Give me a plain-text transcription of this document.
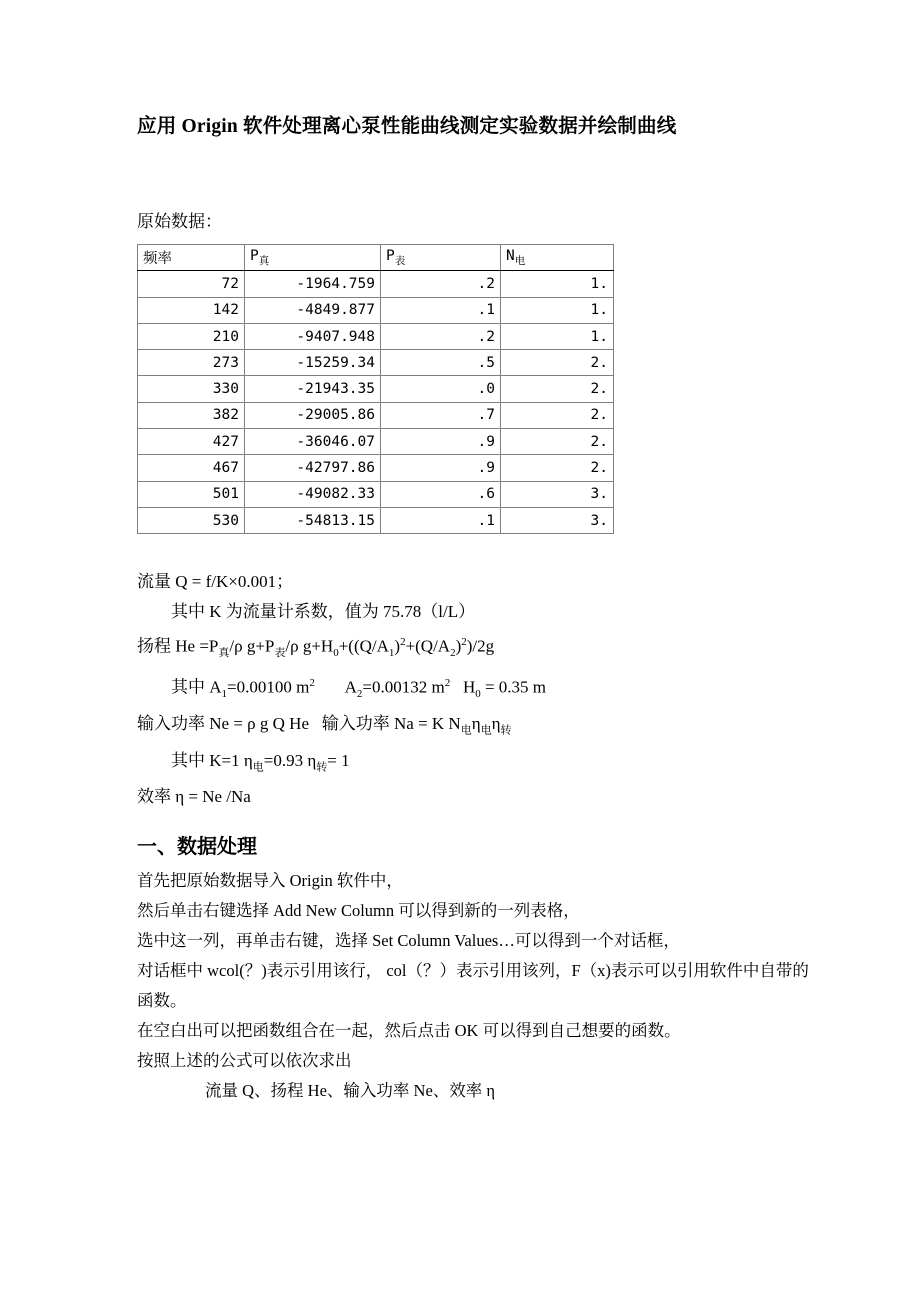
应用 Origin 软件处理离心泵性能曲线测定实验数据并绘制曲线

原始数据：

频率	$P_真$	$P_表$	$N_电$
72	-1964.759	.2	1.
142	-4849.877	.1	1.
210	-9407.948	.2	1.
273	-15259.34	.5	2.
330	-21943.35	.0	2.
382	-29005.86	.7	2.
427	-36046.07	.9	2.
467	-42797.86	.9	2.
501	-49082.33	.6	3.
530	-54813.15	.1	3.

流量 Q = f/K×0.001；

其中 K 为流量计系数，值为 75.78（l/L）

扬程 $He =P_真/\rho$ $g+P_表/\rho$ $g+H_0+((Q/A_1)^2+(Q/A_2)^2)/2g$

其中 $A_1=0.00100$ $m^2$ $A_2=0.00132$ $m^2$ $H_0 = 0.35$ m

输入功率 Ne = ρ g Q He 输入功率 Na = K $N_电\eta_电\eta_转$

其中 K=1 $\eta_电=0.93$ $\eta_转= 1$

效率 η = Ne /Na

一、数据处理

首先把原始数据导入 Origin 软件中，

然后单击右键选择 Add New Column 可以得到新的一列表格，

选中这一列，再单击右键，选择 Set Column Values…可以得到一个对话框，

对话框中 wcol(？)表示引用该行， col（？）表示引用该列，F（x)表示可以引用软件中自带的函数。

在空白出可以把函数组合在一起，然后点击 OK 可以得到自己想要的函数。

按照上述的公式可以依次求出

流量 Q、扬程 He、输入功率 Ne、效率 η
